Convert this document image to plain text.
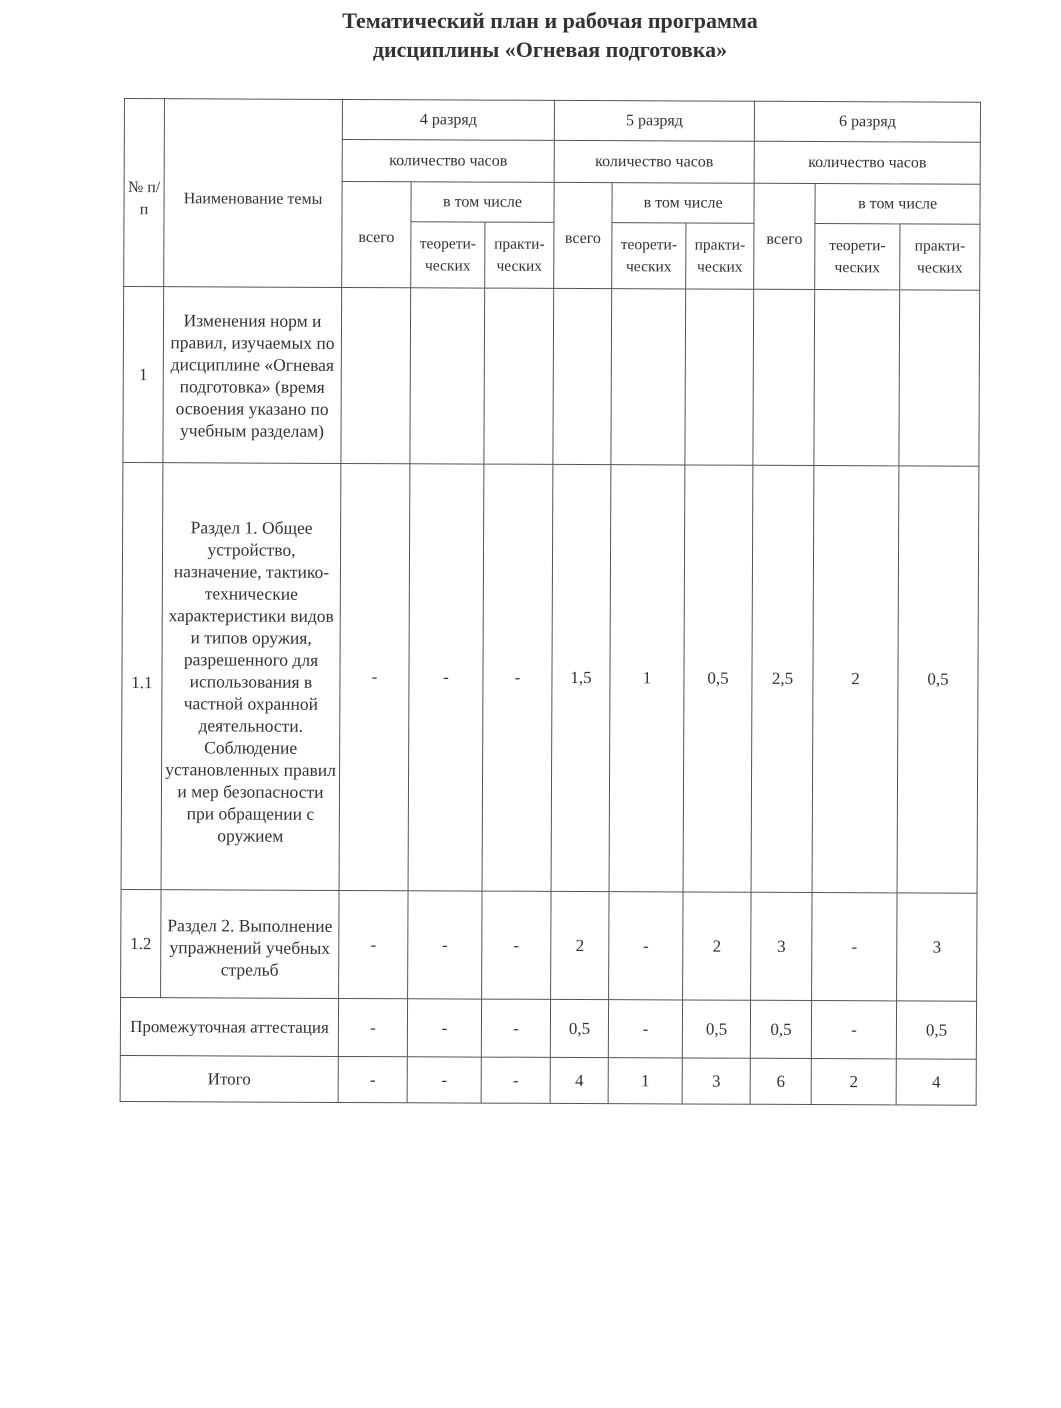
Тематический план и рабочая программа
дисциплины «Огневая подготовка»
№ п/п	Наименование темы	4 разряд			5 разряд			6 разряд		
		количество часов			количество часов			количество часов		
		всего	в том числе		всего	в том числе		всего	в том числе	
			теорети-ческих	практи-ческих		теорети-ческих	практи-ческих		теорети-ческих	практи-ческих
1	Изменения норм и правил, изучаемых по дисциплине «Огневая подготовка» (время освоения указано по учебным разделам)									
1.1	Раздел 1. Общее устройство, назначение, тактико-технические характеристики видов и типов оружия, разрешенного для использования в частной охранной деятельности. Соблюдение установленных правил и мер безопасности при обращении с оружием	-	-	-	1,5	1	0,5	2,5	2	0,5
1.2	Раздел 2. Выполнение упражнений учебных стрельб	-	-	-	2	-	2	3	-	3
Промежуточная аттестация		-	-	-	0,5	-	0,5	0,5	-	0,5
Итого		-	-	-	4	1	3	6	2	4
